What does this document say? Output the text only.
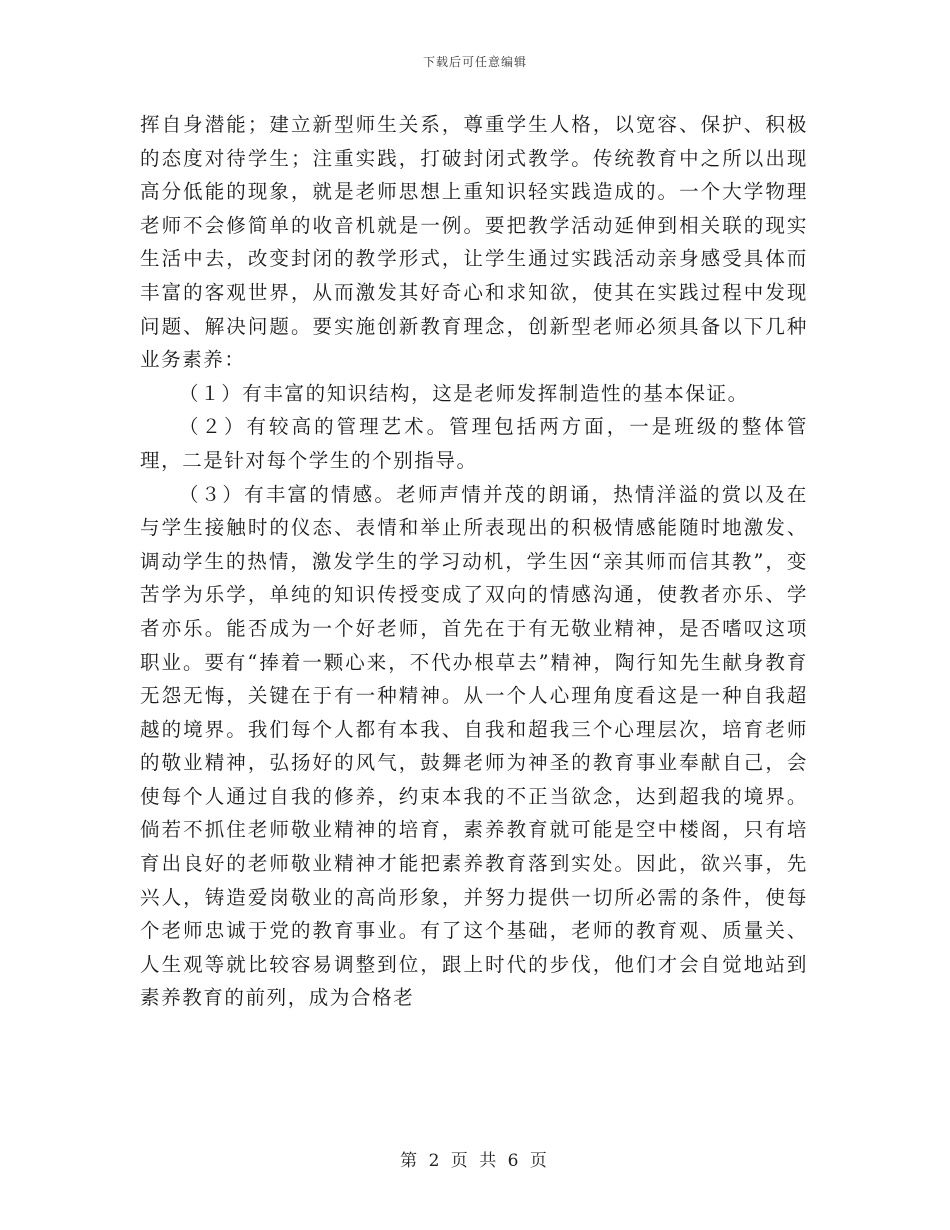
下载后可任意编辑

挥自身潜能；建立新型师生关系，尊重学生人格，以宽容、保护、积极的态度对待学生；注重实践，打破封闭式教学。传统教育中之所以出现高分低能的现象，就是老师思想上重知识轻实践造成的。一个大学物理老师不会修简单的收音机就是一例。要把教学活动延伸到相关联的现实生活中去，改变封闭的教学形式，让学生通过实践活动亲身感受具体而丰富的客观世界，从而激发其好奇心和求知欲，使其在实践过程中发现问题、解决问题。要实施创新教育理念，创新型老师必须具备以下几种业务素养：

（１）有丰富的知识结构，这是老师发挥制造性的基本保证。

（２）有较高的管理艺术。管理包括两方面，一是班级的整体管理，二是针对每个学生的个别指导。

（３）有丰富的情感。老师声情并茂的朗诵，热情洋溢的赏以及在与学生接触时的仪态、表情和举止所表现出的积极情感能随时地激发、调动学生的热情，激发学生的学习动机，学生因“亲其师而信其教”，变苦学为乐学，单纯的知识传授变成了双向的情感沟通，使教者亦乐、学者亦乐。能否成为一个好老师，首先在于有无敬业精神，是否嗜叹这项职业。要有“捧着一颗心来，不代办根草去”精神，陶行知先生献身教育无怨无悔，关键在于有一种精神。从一个人心理角度看这是一种自我超越的境界。我们每个人都有本我、自我和超我三个心理层次，培育老师的敬业精神，弘扬好的风气，鼓舞老师为神圣的教育事业奉献自己，会使每个人通过自我的修养，约束本我的不正当欲念，达到超我的境界。倘若不抓住老师敬业精神的培育，素养教育就可能是空中楼阁，只有培育出良好的老师敬业精神才能把素养教育落到实处。因此，欲兴事，先兴人，铸造爱岗敬业的高尚形象，并努力提供一切所必需的条件，使每个老师忠诚于党的教育事业。有了这个基础，老师的教育观、质量关、人生观等就比较容易调整到位，跟上时代的步伐，他们才会自觉地站到素养教育的前列，成为合格老

第 2 页 共 6 页
